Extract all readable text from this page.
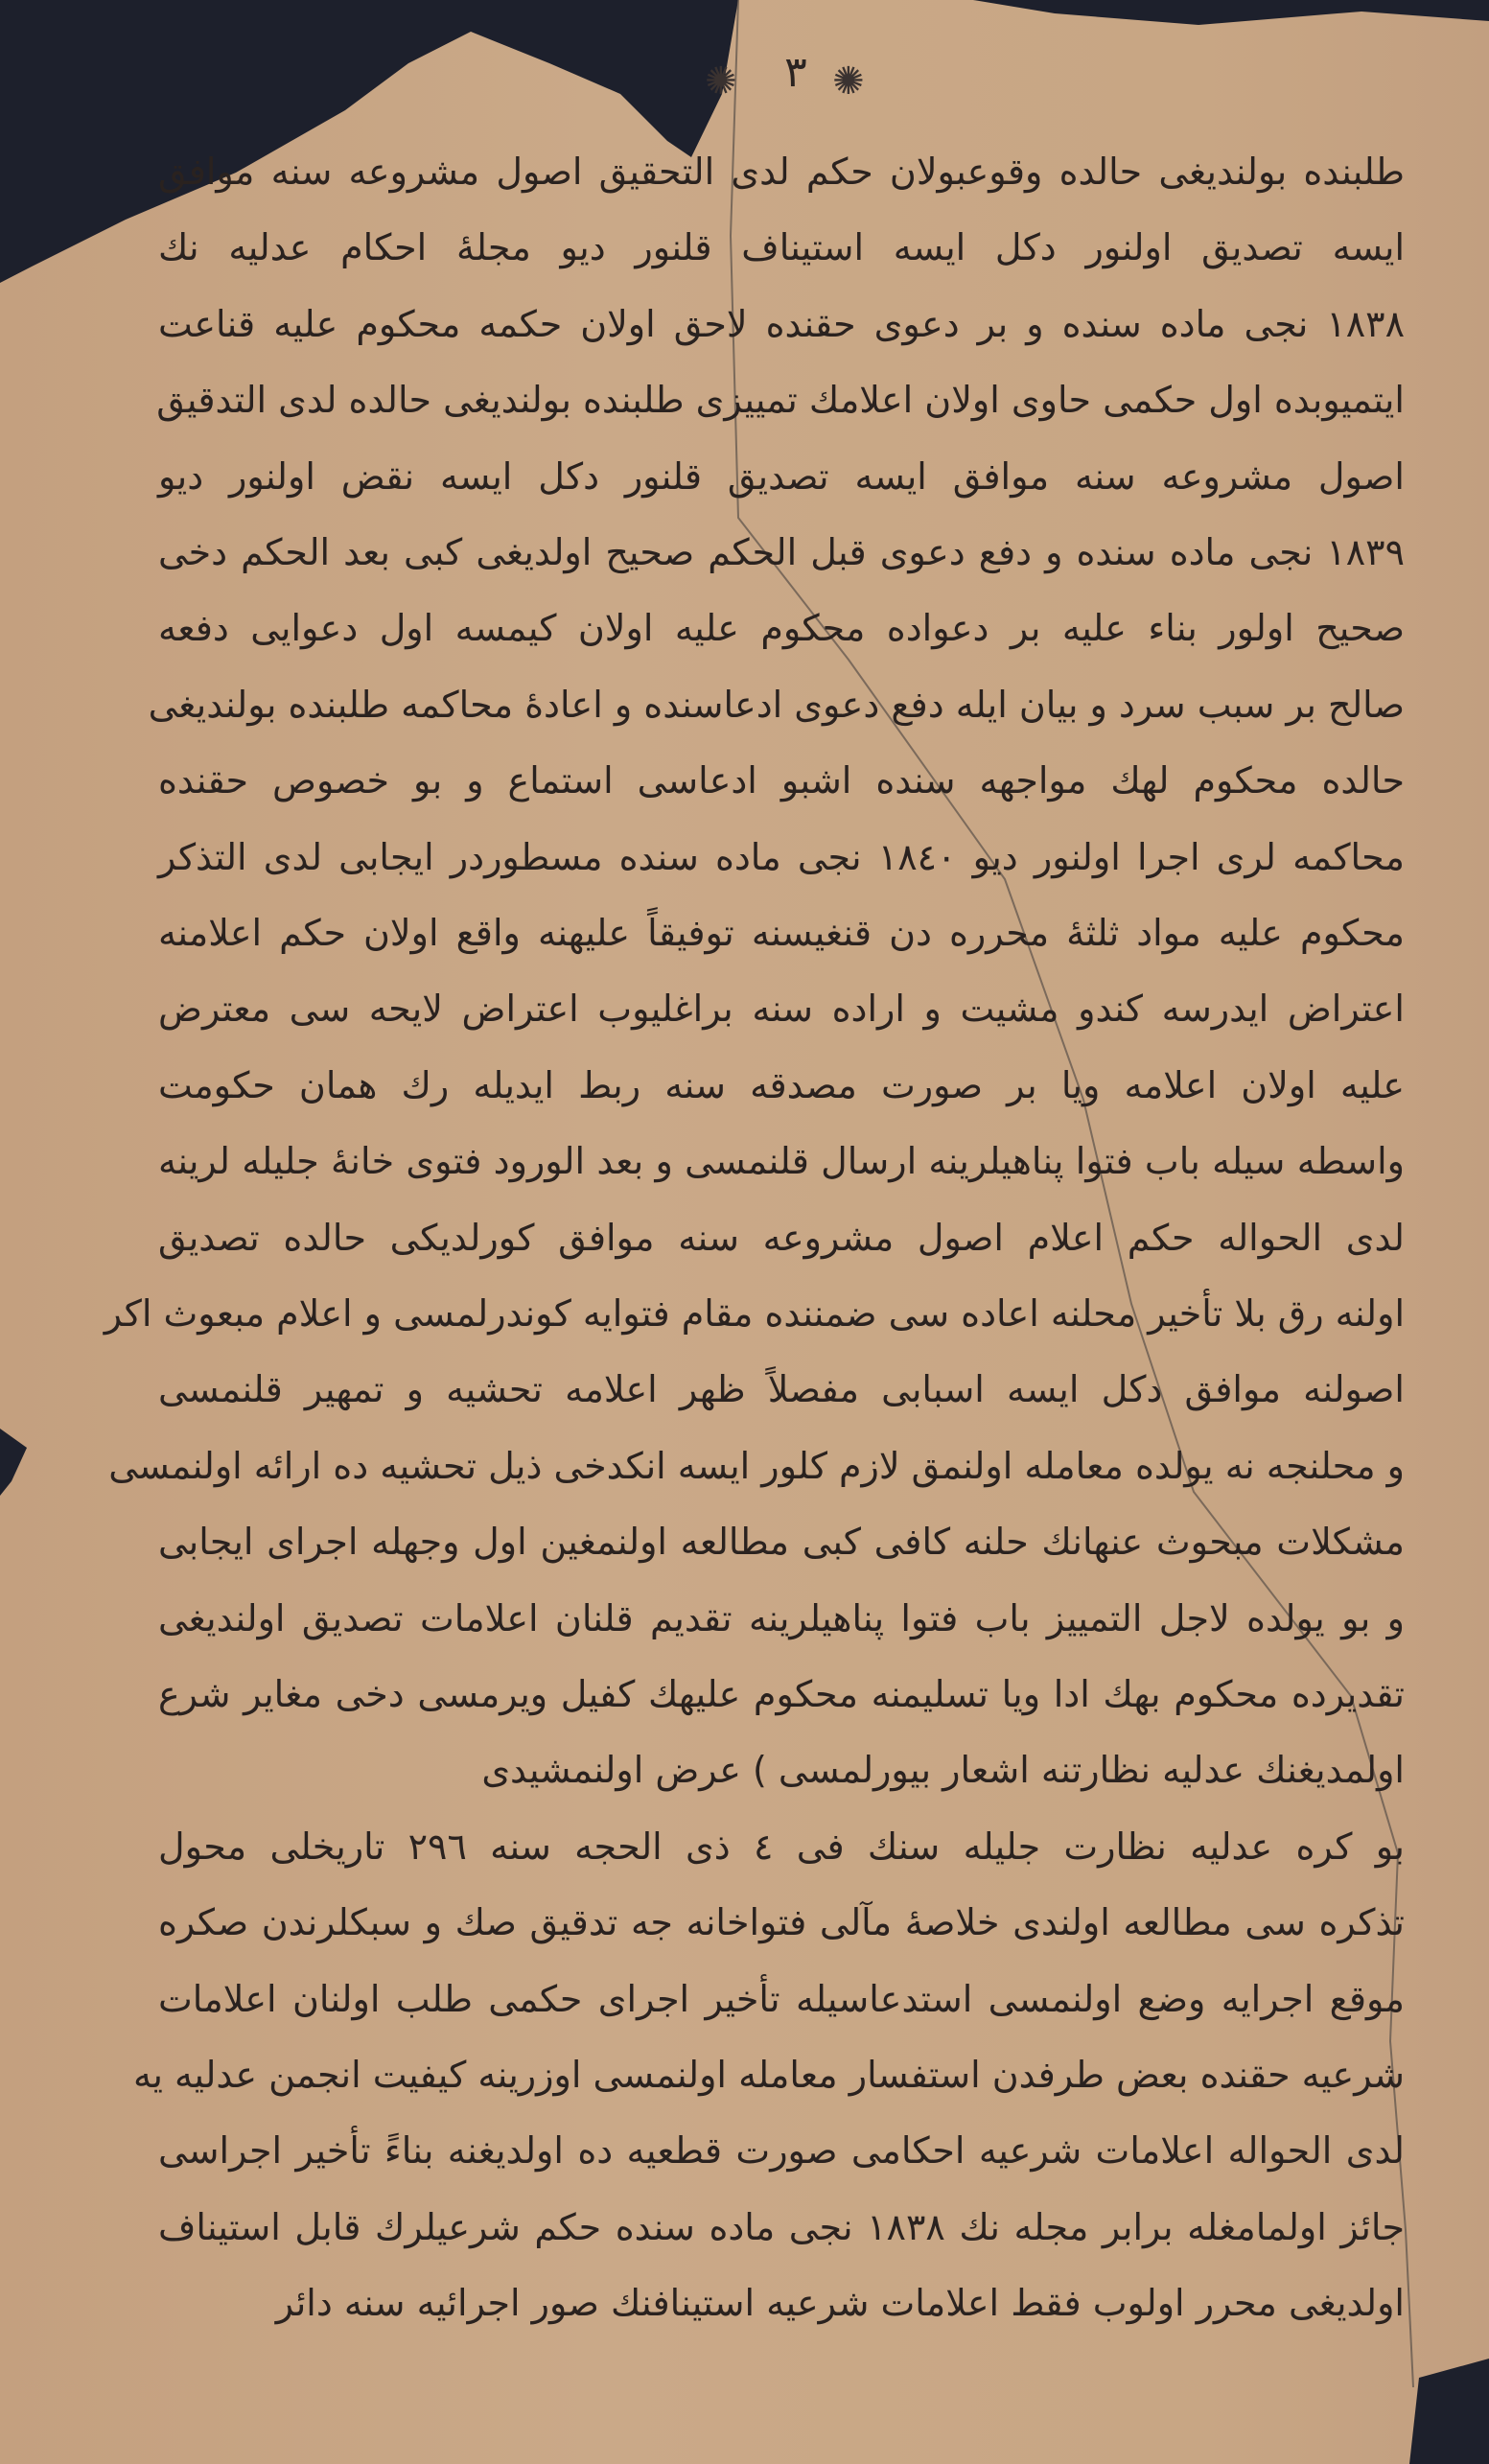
✺	٣ ✺
طلبنده بولندیغی حالده وقوعبولان حکم لدی التحقیق اصول مشروعه سنه موافق
ایسه تصدیق اولنور دکل ایسه استیناف قلنور دیو مجلهٔ احکام عدلیه نك
١٨٣٨ نجی ماده سنده و بر دعوی حقنده لاحق اولان حکمه محکوم علیه قناعت
ایتمیوبده اول حکمی حاوی اولان اعلامك تمییزی طلبنده بولندیغی حالده لدی التدقیق
اصول مشروعه سنه موافق ایسه تصدیق قلنور دکل ایسه نقض اولنور دیو
١٨٣٩ نجی ماده سنده و دفع دعوی قبل الحکم صحیح اولدیغی کبی بعد الحکم دخی
صحیح اولور بناء علیه بر دعواده محکوم علیه اولان کیمسه اول دعوایی دفعه
صالح بر سبب سرد و بیان ایله دفع دعوی ادعاسنده و اعادهٔ محاکمه طلبنده بولندیغی
حالده محکوم لهك مواجهه سنده اشبو ادعاسی استماع و بو خصوص حقنده
محاکمه لری اجرا اولنور دیو ١٨٤٠ نجی ماده سنده مسطوردر ایجابی لدی التذکر
محکوم علیه مواد ثلثهٔ محرره دن قنغیسنه توفیقاً علیهنه واقع اولان حکم اعلامنه
اعتراض ایدرسه کندو مشیت و اراده سنه براغلیوب اعتراض لایحه سی معترض
علیه اولان اعلامه ویا بر صورت مصدقه سنه ربط ایدیله رك همان حکومت
واسطه سیله باب فتوا پناهیلرینه ارسال قلنمسی و بعد الورود فتوی خانهٔ جلیله لرینه
لدی الحواله حکم اعلام اصول مشروعه سنه موافق کورلدیکی حالده تصدیق
اولنه رق بلا تأخیر محلنه اعاده سی ضمننده مقام فتوایه کوندرلمسی و اعلام مبعوث اکر
اصولنه موافق دکل ایسه اسبابی مفصلاً ظهر اعلامه تحشیه و تمهیر قلنمسی
و محلنجه نه یولده معامله اولنمق لازم کلور ایسه انکدخی ذیل تحشیه ده ارائه اولنمسی
مشکلات مبحوث عنهانك حلنه کافی کبی مطالعه اولنمغین اول وجهله اجرای ایجابی
و بو یولده لاجل التمییز باب فتوا پناهیلرینه تقدیم قلنان اعلامات تصدیق اولندیغی
تقدیرده محکوم بهك ادا ویا تسلیمنه محکوم علیهك کفیل ویرمسی دخی مغایر شرع
اولمدیغنك عدلیه نظارتنه اشعار بیورلمسی ) عرض اولنمشیدی
بو کره عدلیه نظارت جلیله سنك فی ٤ ذی الحجه سنه ٢٩٦ تاریخلی محول
تذکره سی مطالعه اولندی خلاصهٔ مآلی فتواخانه جه تدقیق صك و سبکلرندن صکره
موقع اجرایه وضع اولنمسی استدعاسیله تأخیر اجرای حکمی طلب اولنان اعلامات
شرعیه حقنده بعض طرفدن استفسار معامله اولنمسی اوزرینه کیفیت انجمن عدلیه یه
لدی الحواله اعلامات شرعیه احکامی صورت قطعیه ده اولدیغنه بناءً تأخیر اجراسی
جائز اولمامغله برابر مجله نك ١٨٣٨ نجی ماده سنده حکم شرعیلرك قابل استیناف
اولدیغی محرر اولوب فقط اعلامات شرعیه استینافنك صور اجرائیه سنه دائر
